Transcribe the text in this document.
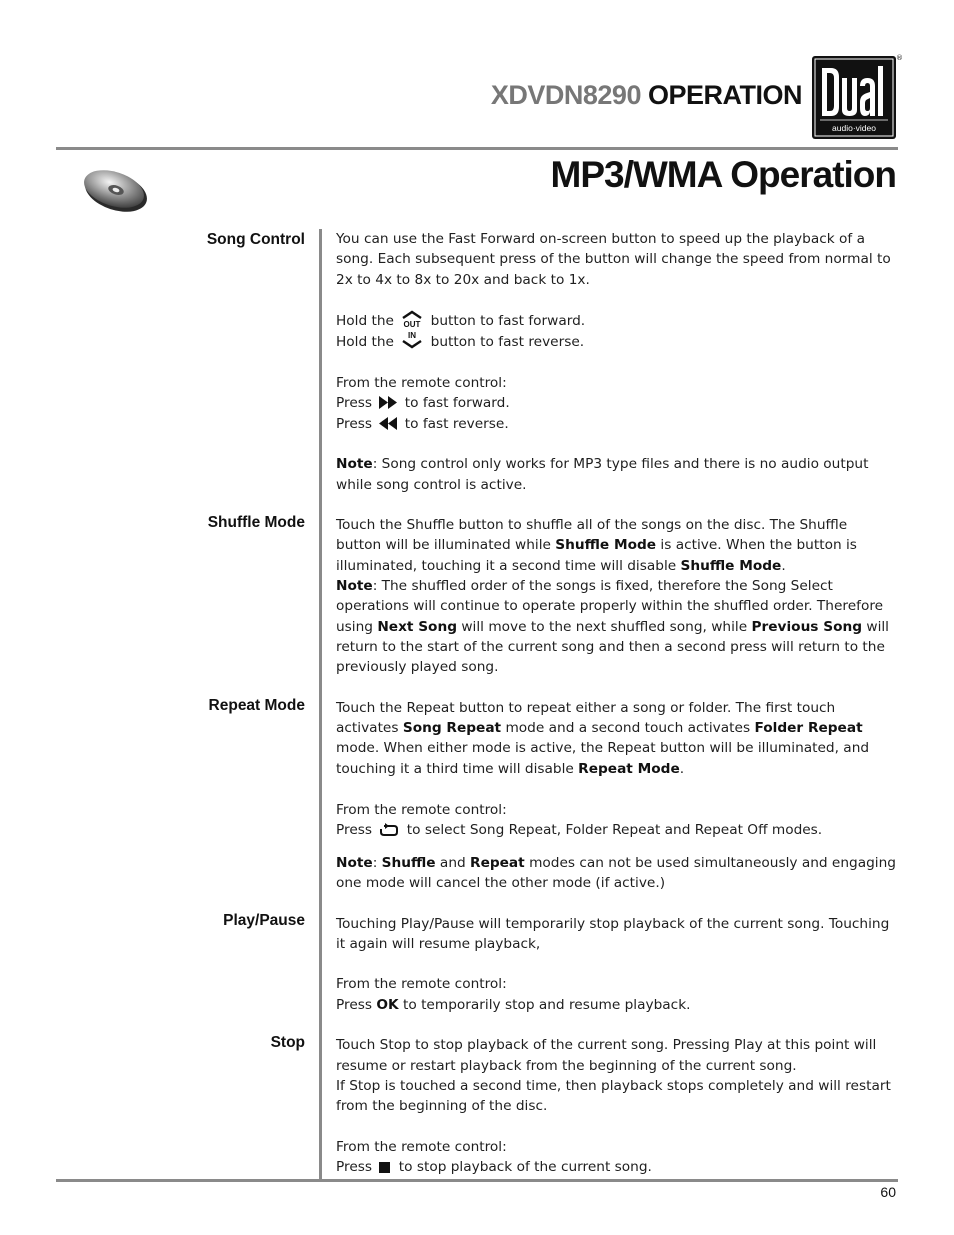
XDVDN8290 OPERATION
audio·video
®
MP3/WMA Operation
Song Control
Shuffle Mode
Repeat Mode
Play/Pause
Stop

You can use the Fast Forward on-screen button to speed up the playback of a song. Each subsequent press of the button will change the speed from normal to 2x to 4x to 8x to 20x and back to 1x.

Hold the OUT button to fast forward.

Hold the IN button to fast reverse.

From the remote control:

Press  to fast forward.

Press  to fast reverse.

Note: Song control only works for MP3 type files and there is no audio output while song control is active.

Touch the Shuffle button to shuffle all of the songs on the disc. The Shuffle button will be illuminated while Shuffle Mode is active. When the button is illuminated, touching it a second time will disable Shuffle Mode.

Note: The shuffled order of the songs is fixed, therefore the Song Select operations will continue to operate properly within the shuffled order. Therefore using Next Song will move to the next shuffled song, while Previous Song will return to the start of the current song and then a second press will return to the previously played song.

Touch the Repeat button to repeat either a song or folder. The first touch activates Song Repeat mode and a second touch activates Folder Repeat mode. When either mode is active, the Repeat button will be illuminated, and touching it a third time will disable Repeat Mode.

From the remote control:

Press  to select Song Repeat, Folder Repeat and Repeat Off modes.

Note: Shuffle and Repeat modes can not be used simultaneously and engaging one mode will cancel the other mode (if active.)

Touching Play/Pause will temporarily stop playback of the current song. Touching it again will resume playback,

From the remote control:

Press OK to temporarily stop and resume playback.

Touch Stop to stop playback of the current song. Pressing Play at this point will resume or restart playback from the beginning of the current song.

If Stop is touched a second time, then playback stops completely and will restart from the beginning of the disc.

From the remote control:

Press  to stop playback of the current song.

60
